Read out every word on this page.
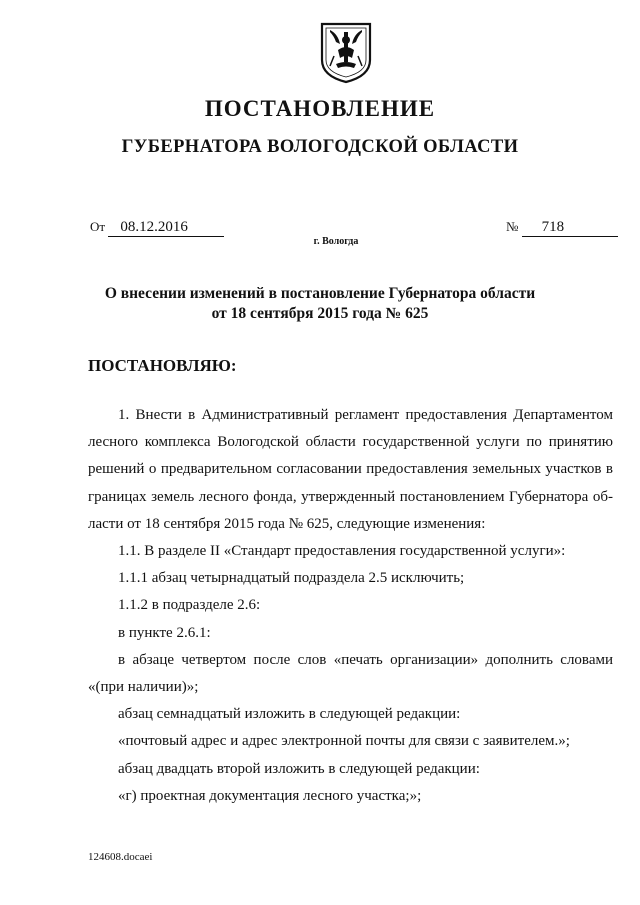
ПОСТАНОВЛЕНИЕ
ГУБЕРНАТОРА ВОЛОГОДСКОЙ ОБЛАСТИ
От 08.12.2016	№ 718
г. Вологда
О внесении изменений в постановление Губернатора области
от 18 сентября 2015 года № 625
ПОСТАНОВЛЯЮ:

1. Внести в Административный регламент предоставления Департаментом

лесного комплекса Вологодской области государственной услуги по принятию

решений о предварительном согласовании предоставления земельных участков в

границах земель лесного фонда, утвержденный постановлением Губернатора об-

ласти от 18 сентября 2015 года № 625, следующие изменения:

1.1. В разделе II «Стандарт предоставления государственной услуги»:

1.1.1 абзац четырнадцатый подраздела 2.5 исключить;

1.1.2 в подразделе 2.6:

в пункте 2.6.1:

в абзаце четвертом после слов «печать организации» дополнить словами

«(при наличии)»;

абзац семнадцатый изложить в следующей редакции:

«почтовый адрес и адрес электронной почты для связи с заявителем.»;

абзац двадцать второй изложить в следующей редакции:

«г) проектная документация лесного участка;»;

124608.docaei
